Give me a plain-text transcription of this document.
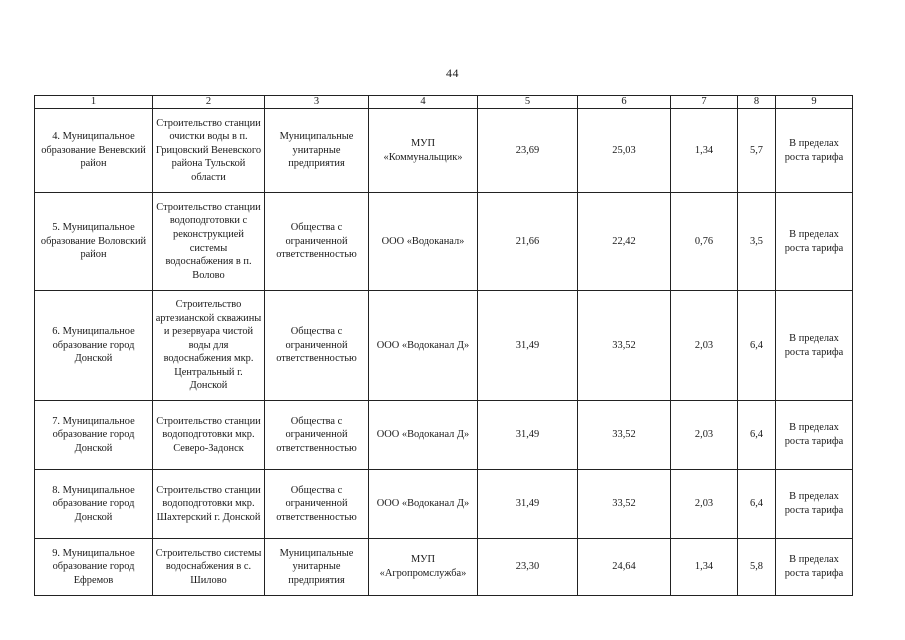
44
1	2	3	4	5	6	7	8	9
4. Муниципальное образование Веневский район	Строительство станции очистки воды в п. Грицовский Веневского района Тульской области	Муниципальные унитарные предприятия	МУП «Коммунальщик»	23,69	25,03	1,34	5,7	В пределах роста тарифа
5. Муниципальное образование Воловский район	Строительство станции водоподготовки с реконструкцией системы водоснабжения в п. Волово	Общества с ограниченной ответственностью	ООО «Водоканал»	21,66	22,42	0,76	3,5	В пределах роста тарифа
6. Муниципальное образование город Донской	Строительство артезианской скважины и резервуара чистой воды для водоснабжения мкр. Центральный г. Донской	Общества с ограниченной ответственностью	ООО «Водоканал Д»	31,49	33,52	2,03	6,4	В пределах роста тарифа
7. Муниципальное образование город Донской	Строительство станции водоподготовки мкр. Северо-Задонск	Общества с ограниченной ответственностью	ООО «Водоканал Д»	31,49	33,52	2,03	6,4	В пределах роста тарифа
8. Муниципальное образование город Донской	Строительство станции водоподготовки мкр. Шахтерский г. Донской	Общества с ограниченной ответственностью	ООО «Водоканал Д»	31,49	33,52	2,03	6,4	В пределах роста тарифа
9. Муниципальное образование город Ефремов	Строительство системы водоснабжения в с. Шилово	Муниципальные унитарные предприятия	МУП «Агропромслужба»	23,30	24,64	1,34	5,8	В пределах роста тарифа
